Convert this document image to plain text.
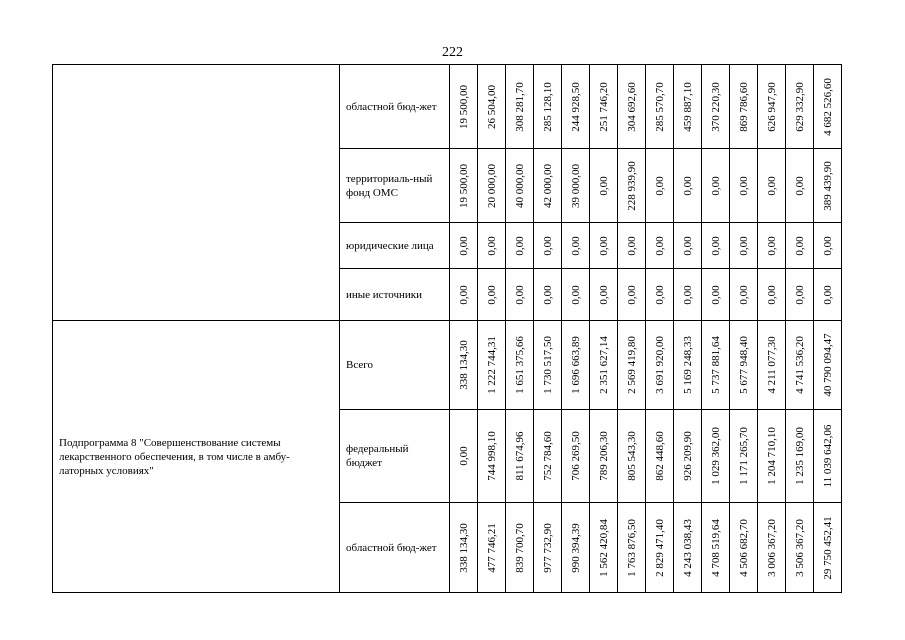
222
	областной бюд-жет	19 500,00	26 504,00	308 281,70	285 128,10	244 928,50	251 746,20	304 692,60	285 570,70	459 887,10	370 220,30	869 786,60	626 947,90	629 332,90	4 682 526,60

	территориаль-ный фонд ОМС	19 500,00	20 000,00	40 000,00	42 000,00	39 000,00	0,00	228 939,90	0,00	0,00	0,00	0,00	0,00	0,00	389 439,90

	юридические лица	0,00	0,00	0,00	0,00	0,00	0,00	0,00	0,00	0,00	0,00	0,00	0,00	0,00	0,00

	иные источники	0,00	0,00	0,00	0,00	0,00	0,00	0,00	0,00	0,00	0,00	0,00	0,00	0,00	0,00

Подпрограмма 8 "Совершенствование системы лекарственного обеспечения, в том числе в амбу-латорных условиях"	Всего	338 134,30	1 222 744,31	1 651 375,66	1 730 517,50	1 696 663,89	2 351 627,14	2 569 419,80	3 691 920,00	5 169 248,33	5 737 881,64	5 677 948,40	4 211 077,30	4 741 536,20	40 790 094,47

	федеральный бюджет	0,00	744 998,10	811 674,96	752 784,60	706 269,50	789 206,30	805 543,30	862 448,60	926 209,90	1 029 362,00	1 171 265,70	1 204 710,10	1 235 169,00	11 039 642,06

	областной бюд-жет	338 134,30	477 746,21	839 700,70	977 732,90	990 394,39	1 562 420,84	1 763 876,50	2 829 471,40	4 243 038,43	4 708 519,64	4 506 682,70	3 006 367,20	3 506 367,20	29 750 452,41
